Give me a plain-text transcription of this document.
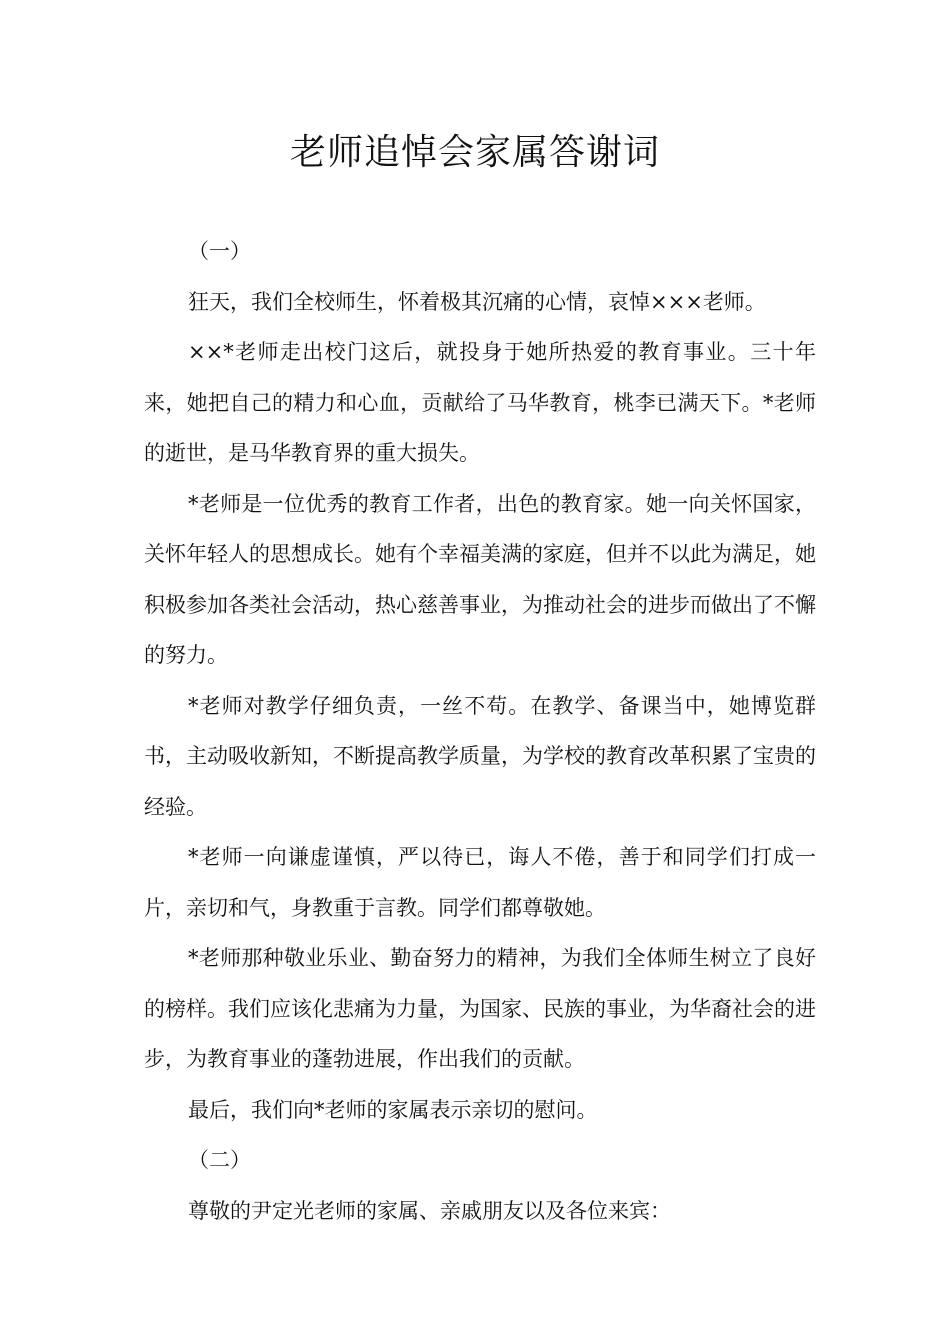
老师追悼会家属答谢词

（一）

狂天，我们全校师生，怀着极其沉痛的心情，哀悼×××老师。

××*老师走出校门这后，就投身于她所热爱的教育事业。三十年来，她把自己的精力和心血，贡献给了马华教育，桃李已满天下。*老师的逝世，是马华教育界的重大损失。

*老师是一位优秀的教育工作者，出色的教育家。她一向关怀国家，关怀年轻人的思想成长。她有个幸福美满的家庭，但并不以此为满足，她积极参加各类社会活动，热心慈善事业，为推动社会的进步而做出了不懈的努力。

*老师对教学仔细负责，一丝不苟。在教学、备课当中，她博览群书，主动吸收新知，不断提高教学质量，为学校的教育改革积累了宝贵的经验。

*老师一向谦虚谨慎，严以待已，诲人不倦，善于和同学们打成一片，亲切和气，身教重于言教。同学们都尊敬她。

*老师那种敬业乐业、勤奋努力的精神，为我们全体师生树立了良好的榜样。我们应该化悲痛为力量，为国家、民族的事业，为华裔社会的进步，为教育事业的蓬勃进展，作出我们的贡献。

最后，我们向*老师的家属表示亲切的慰问。

（二）

尊敬的尹定光老师的家属、亲戚朋友以及各位来宾：
